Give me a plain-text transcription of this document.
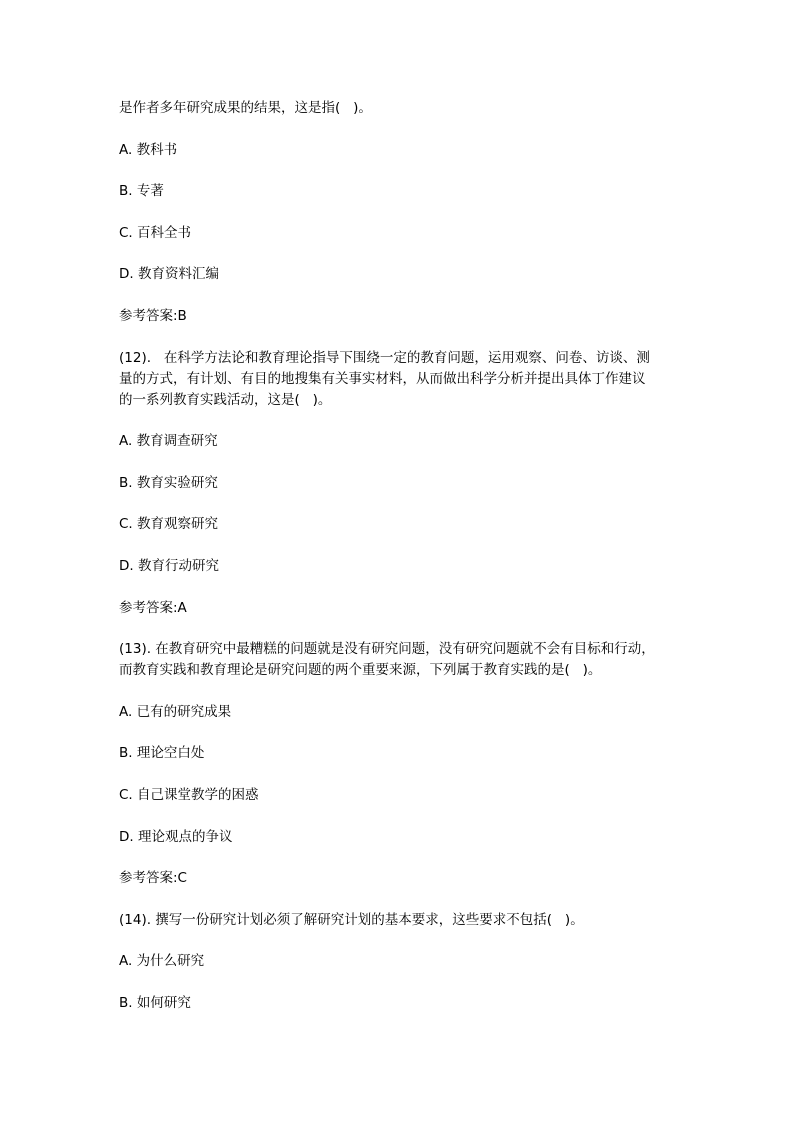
是作者多年研究成果的结果，这是指(   )。

A. 教科书

B. 专著

C. 百科全书

D. 教育资料汇编

参考答案:B

(12).   在科学方法论和教育理论指导下围绕一定的教育问题，运用观察、问卷、访谈、测
量的方式，有计划、有目的地搜集有关事实材料，从而做出科学分析并提出具体丁作建议
的一系列教育实践活动，这是(   )。

A. 教育调查研究

B. 教育实验研究

C. 教育观察研究

D. 教育行动研究

参考答案:A

(13). 在教育研究中最糟糕的问题就是没有研究问题，没有研究问题就不会有目标和行动，
而教育实践和教育理论是研究问题的两个重要来源，下列属于教育实践的是(   )。

A. 已有的研究成果

B. 理论空白处

C. 自己课堂教学的困惑

D. 理论观点的争议

参考答案:C

(14). 撰写一份研究计划必须了解研究计划的基本要求，这些要求不包括(   )。

A. 为什么研究

B. 如何研究
